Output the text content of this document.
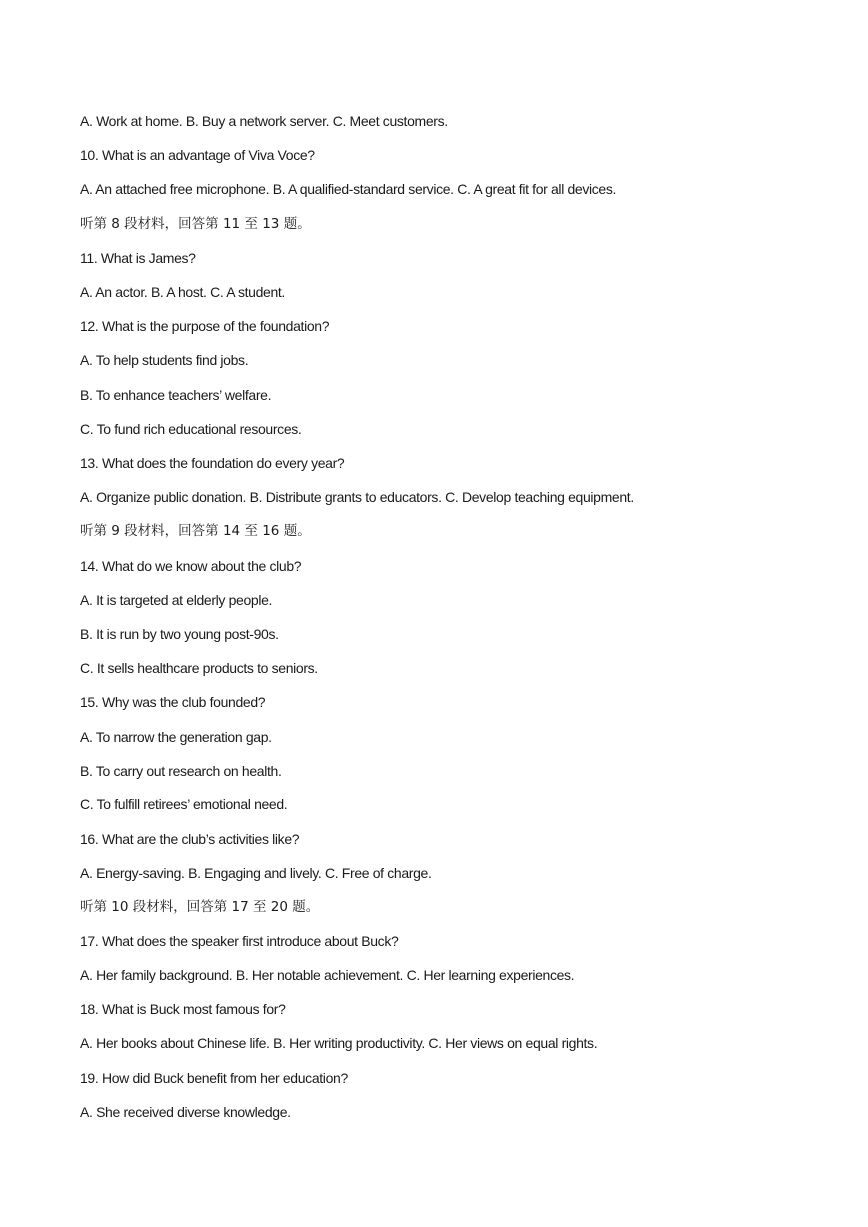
A. Work at home. B. Buy a network server. C. Meet customers.
10. What is an advantage of Viva Voce?
A. An attached free microphone. B. A qualified-standard service. C. A great fit for all devices.
听第 8 段材料，回答第 11 至 13 题。
11. What is James?
A. An actor. B. A host. C. A student.
12. What is the purpose of the foundation?
A. To help students find jobs.
B. To enhance teachers’ welfare.
C. To fund rich educational resources.
13. What does the foundation do every year?
A. Organize public donation. B. Distribute grants to educators. C. Develop teaching equipment.
听第 9 段材料，回答第 14 至 16 题。
14. What do we know about the club?
A. It is targeted at elderly people.
B. It is run by two young post-90s.
C. It sells healthcare products to seniors.
15. Why was the club founded?
A. To narrow the generation gap.
B. To carry out research on health.
C. To fulfill retirees’ emotional need.
16. What are the club’s activities like?
A. Energy-saving. B. Engaging and lively. C. Free of charge.
听第 10 段材料，回答第 17 至 20 题。
17. What does the speaker first introduce about Buck?
A. Her family background. B. Her notable achievement. C. Her learning experiences.
18. What is Buck most famous for?
A. Her books about Chinese life. B. Her writing productivity. C. Her views on equal rights.
19. How did Buck benefit from her education?
A. She received diverse knowledge.
